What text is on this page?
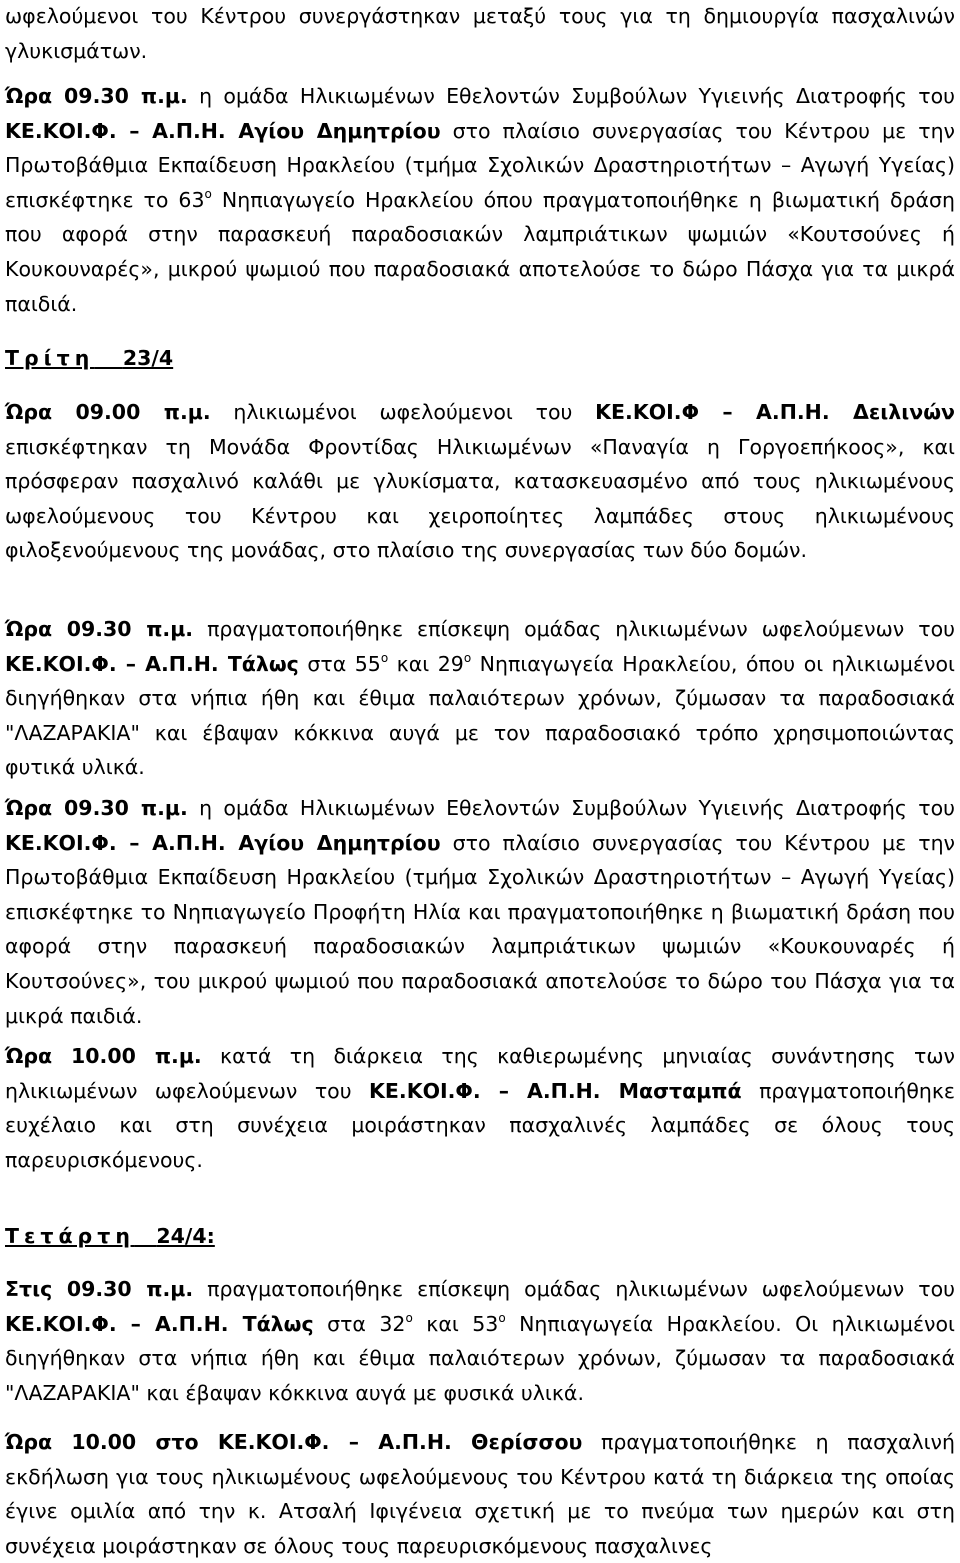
ωφελούμενοι του Κέντρου συνεργάστηκαν μεταξύ τους για τη δημιουργία πασχαλινών γλυκισμάτων.

Ώρα 09.30 π.μ. η ομάδα Ηλικιωμένων Εθελοντών Συμβούλων Υγιεινής Διατροφής του ΚΕ.ΚΟΙ.Φ. – Α.Π.Η. Αγίου Δημητρίου στο πλαίσιο συνεργασίας του Κέντρου με την Πρωτοβάθμια Εκπαίδευση Ηρακλείου (τμήμα Σχολικών Δραστηριοτήτων – Αγωγή Υγείας) επισκέφτηκε το $63^o$ Νηπιαγωγείο Ηρακλείου όπου πραγματοποιήθηκε η βιωματική δράση που αφορά στην παρασκευή παραδοσιακών λαμπριάτικων ψωμιών «Κουτσούνες ή Κουκουναρές», μικρού ψωμιού που παραδοσιακά αποτελούσε το δώρο Πάσχα για τα μικρά παιδιά.

Τρίτη 23/4

Ώρα 09.00 π.μ. ηλικιωμένοι ωφελούμενοι του ΚΕ.ΚΟΙ.Φ – Α.Π.Η. Δειλινών επισκέφτηκαν τη Μονάδα Φροντίδας Ηλικιωμένων «Παναγία η Γοργοεπήκοος», και πρόσφεραν πασχαλινό καλάθι με γλυκίσματα, κατασκευασμένο από τους ηλικιωμένους ωφελούμενους του Κέντρου και χειροποίητες λαμπάδες στους ηλικιωμένους φιλοξενούμενους της μονάδας, στο πλαίσιο της συνεργασίας των δύο δομών.

Ώρα 09.30 π.μ. πραγματοποιήθηκε επίσκεψη ομάδας ηλικιωμένων ωφελούμενων του ΚΕ.ΚΟΙ.Φ. – Α.Π.Η. Τάλως στα $55^o$ και $29^o$ Νηπιαγωγεία Ηρακλείου, όπου οι ηλικιωμένοι διηγήθηκαν στα νήπια ήθη και έθιμα παλαιότερων χρόνων, ζύμωσαν τα παραδοσιακά "ΛΑΖΑΡΑΚΙΑ" και έβαψαν κόκκινα αυγά με τον παραδοσιακό τρόπο χρησιμοποιώντας φυτικά υλικά.

Ώρα 09.30 π.μ. η ομάδα Ηλικιωμένων Εθελοντών Συμβούλων Υγιεινής Διατροφής του ΚΕ.ΚΟΙ.Φ. – Α.Π.Η. Αγίου Δημητρίου στο πλαίσιο συνεργασίας του Κέντρου με την Πρωτοβάθμια Εκπαίδευση Ηρακλείου (τμήμα Σχολικών Δραστηριοτήτων – Αγωγή Υγείας) επισκέφτηκε το Νηπιαγωγείο Προφήτη Ηλία και πραγματοποιήθηκε η βιωματική δράση που αφορά στην παρασκευή παραδοσιακών λαμπριάτικων ψωμιών «Κουκουναρές ή Κουτσούνες», του μικρού ψωμιού που παραδοσιακά αποτελούσε το δώρο του Πάσχα για τα μικρά παιδιά.

Ώρα 10.00 π.μ. κατά τη διάρκεια της καθιερωμένης μηνιαίας συνάντησης των ηλικιωμένων ωφελούμενων του ΚΕ.ΚΟΙ.Φ. – Α.Π.Η. Μασταμπά πραγματοποιήθηκε ευχέλαιο και στη συνέχεια μοιράστηκαν πασχαλινές λαμπάδες σε όλους τους παρευρισκόμενους.

Τετάρτη 24/4:

Στις 09.30 π.μ. πραγματοποιήθηκε επίσκεψη ομάδας ηλικιωμένων ωφελούμενων του ΚΕ.ΚΟΙ.Φ. – Α.Π.Η. Τάλως στα $32^o$ και $53^o$ Νηπιαγωγεία Ηρακλείου. Οι ηλικιωμένοι διηγήθηκαν στα νήπια ήθη και έθιμα παλαιότερων χρόνων, ζύμωσαν τα παραδοσιακά "ΛΑΖΑΡΑΚΙΑ" και έβαψαν κόκκινα αυγά με φυσικά υλικά.

Ώρα 10.00 στο ΚΕ.ΚΟΙ.Φ. – Α.Π.Η. Θερίσσου πραγματοποιήθηκε η πασχαλινή εκδήλωση για τους ηλικιωμένους ωφελούμενους του Κέντρου κατά τη διάρκεια της οποίας έγινε ομιλία από την κ. Ατσαλή Ιφιγένεια σχετική με το πνεύμα των ημερών και στη συνέχεια μοιράστηκαν σε όλους τους παρευρισκόμενους πασχαλινες
